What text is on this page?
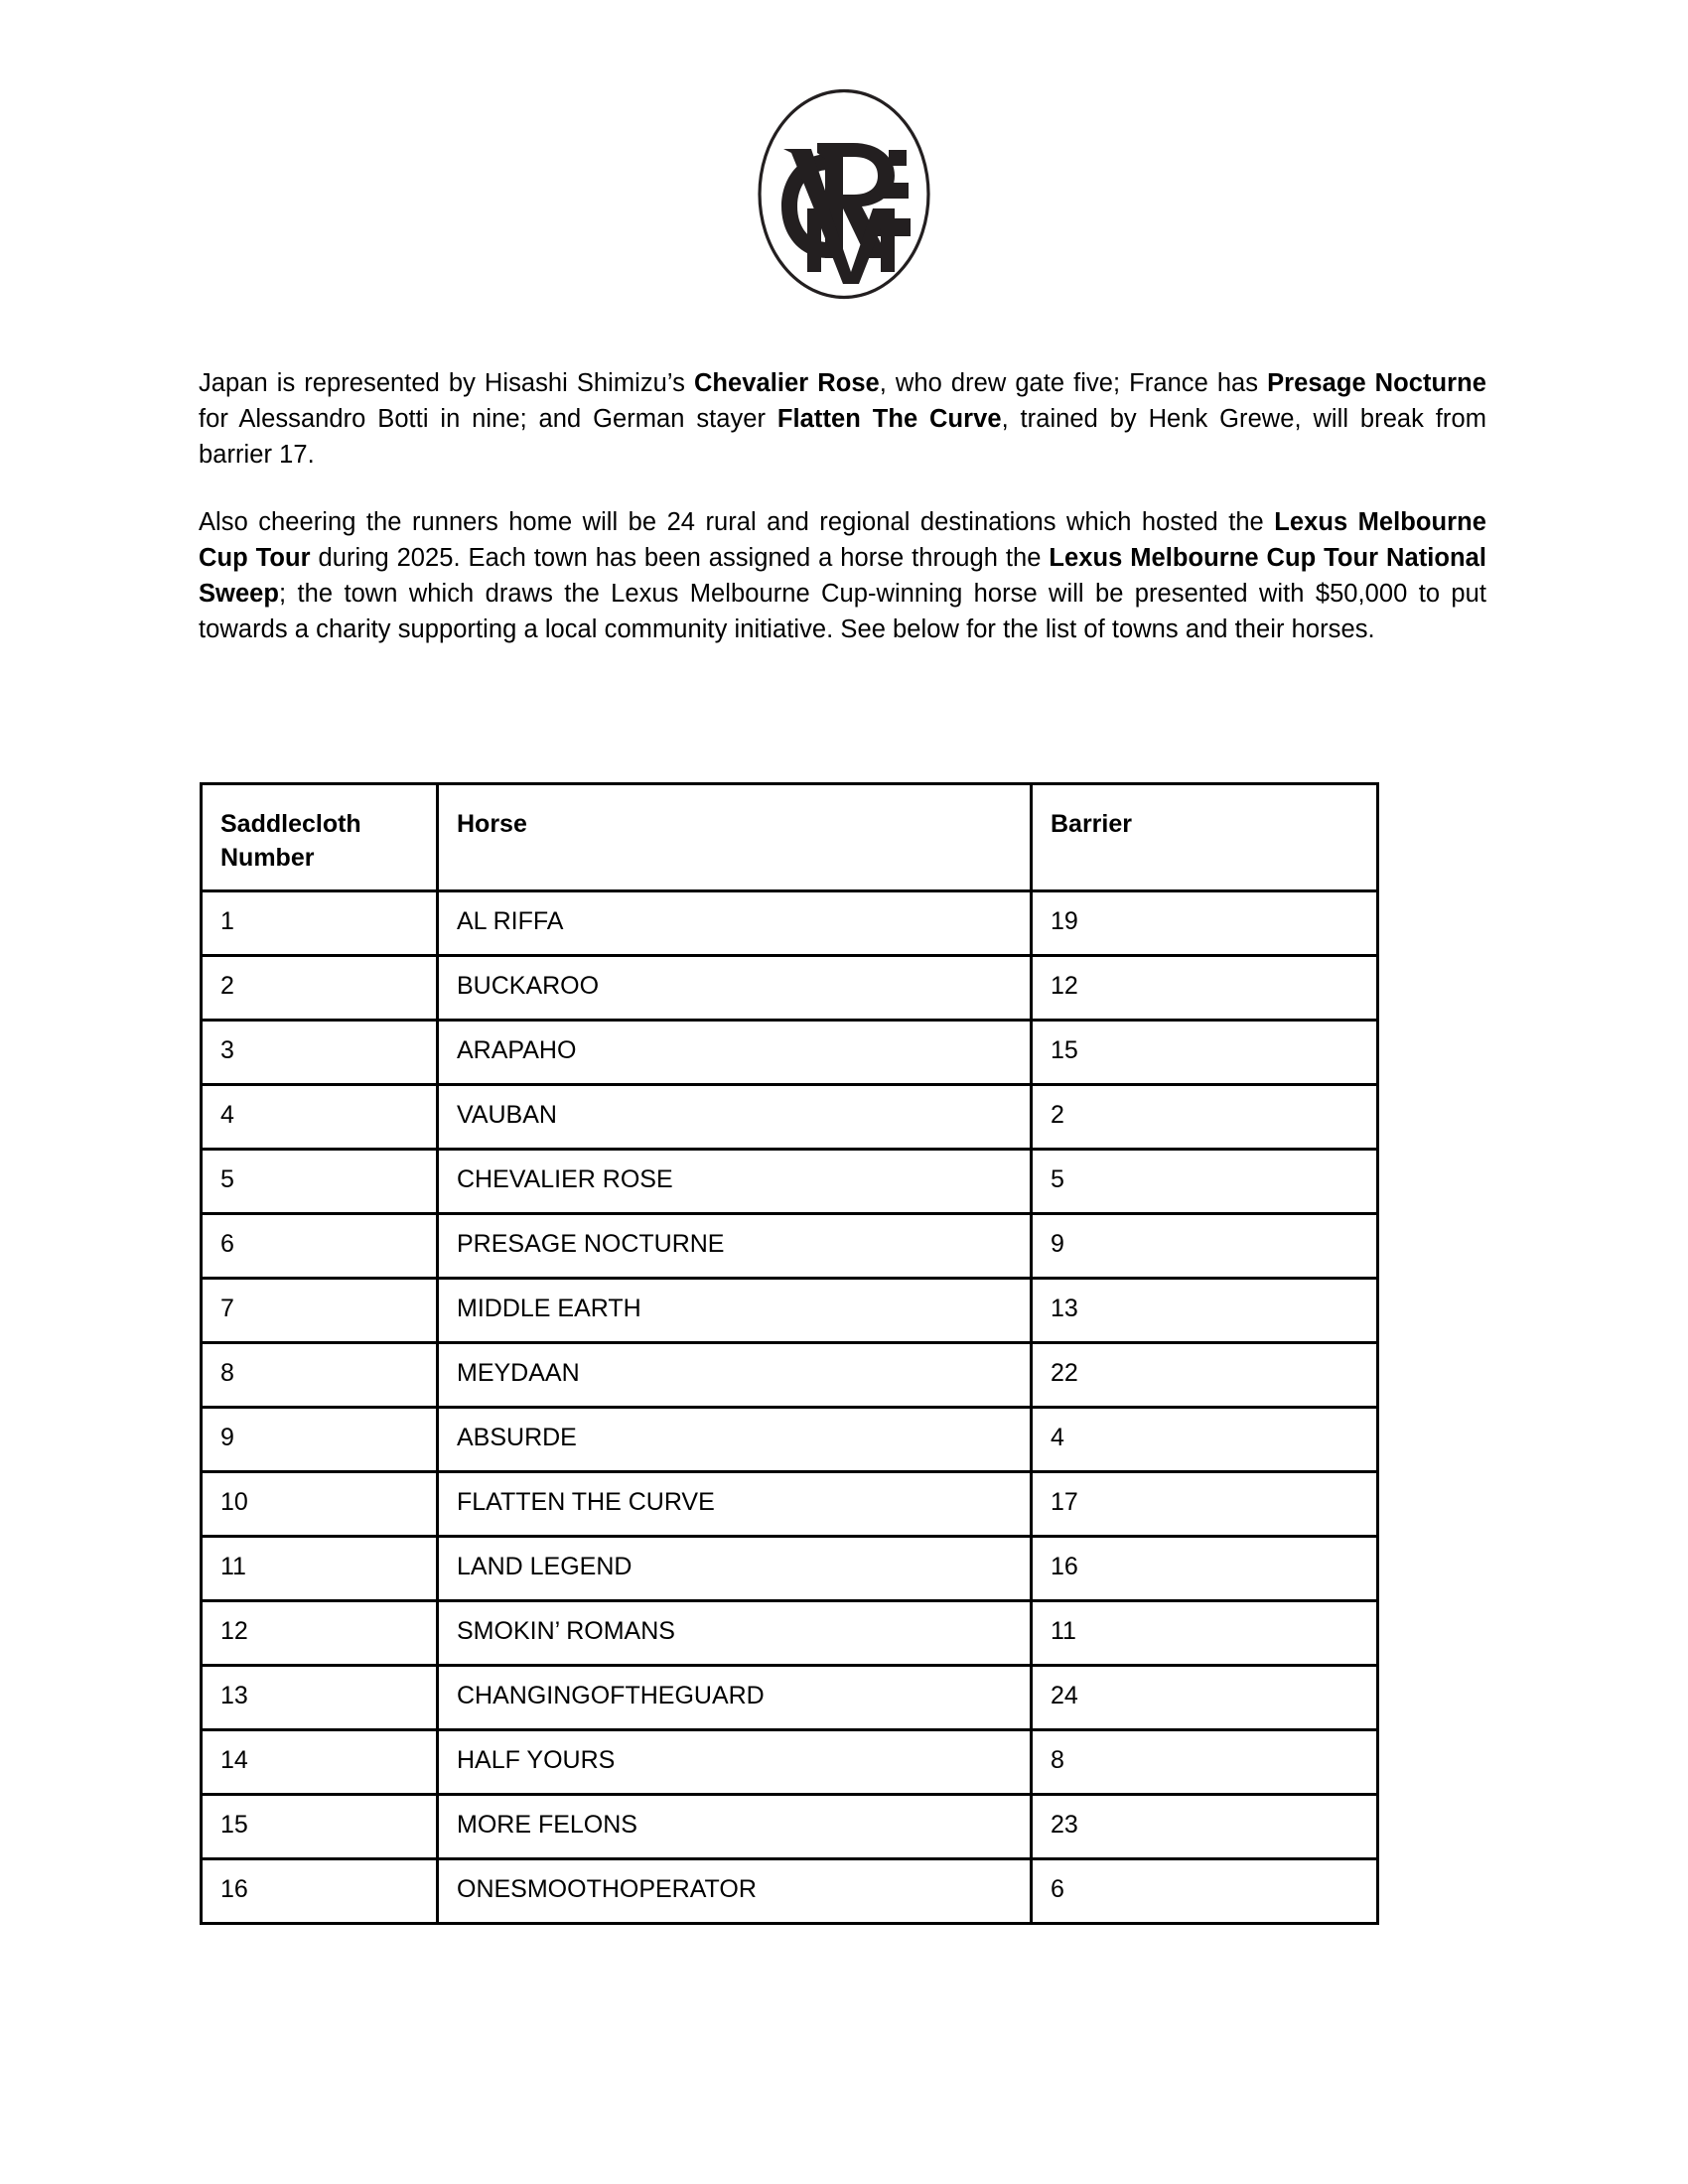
Japan is represented by Hisashi Shimizu’s Chevalier Rose, who drew gate five; France has Presage Nocturne for Alessandro Botti in nine; and German stayer Flatten The Curve, trained by Henk Grewe, will break from barrier 17.

Also cheering the runners home will be 24 rural and regional destinations which hosted the Lexus Melbourne Cup Tour during 2025. Each town has been assigned a horse through the Lexus Melbourne Cup Tour National Sweep; the town which draws the Lexus Melbourne Cup-winning horse will be presented with $50,000 to put towards a charity supporting a local community initiative. See below for the list of towns and their horses.

Saddlecloth
Number	Horse	Barrier
1	AL RIFFA	19
2	BUCKAROO	12
3	ARAPAHO	15
4	VAUBAN	2
5	CHEVALIER ROSE	5
6	PRESAGE NOCTURNE	9
7	MIDDLE EARTH	13
8	MEYDAAN	22
9	ABSURDE	4
10	FLATTEN THE CURVE	17
11	LAND LEGEND	16
12	SMOKIN’ ROMANS	11
13	CHANGINGOFTHEGUARD	24
14	HALF YOURS	8
15	MORE FELONS	23
16	ONESMOOTHOPERATOR	6
